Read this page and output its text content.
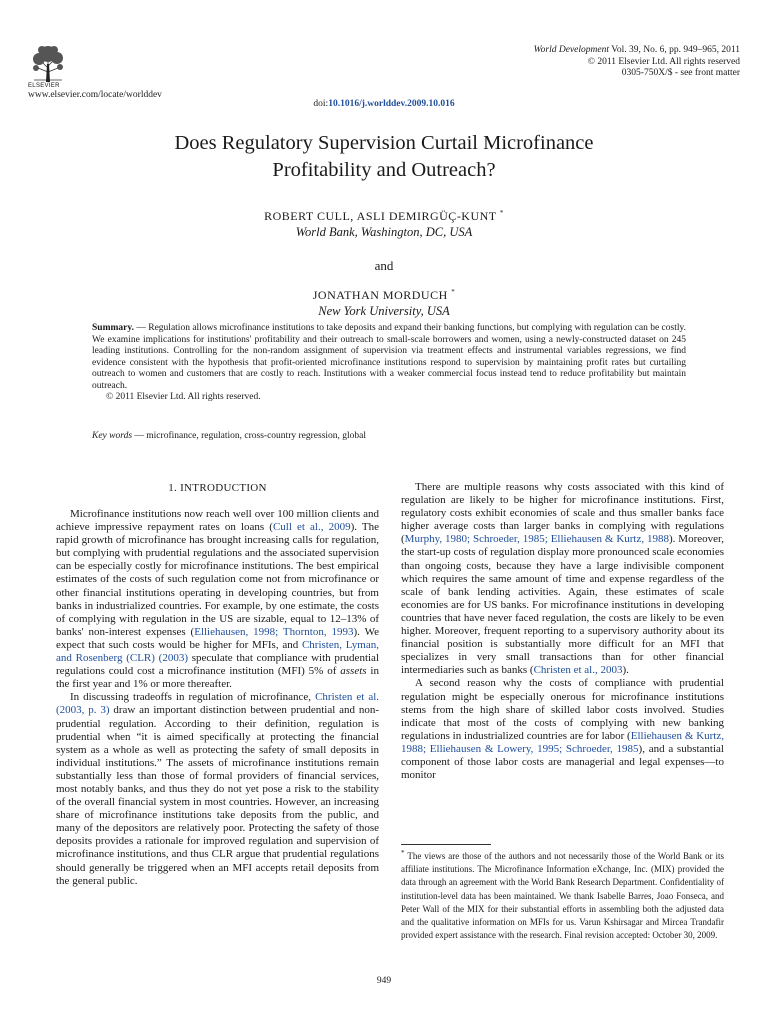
ELSEVIER
www.elsevier.com/locate/worlddev
World Development Vol. 39, No. 6, pp. 949–965, 2011
© 2011 Elsevier Ltd. All rights reserved
0305-750X/$ - see front matter
doi:10.1016/j.worlddev.2009.10.016
Does Regulatory Supervision Curtail Microfinance
Profitability and Outreach?
ROBERT CULL, ASLI DEMIRGÜÇ-KUNT *
World Bank, Washington, DC, USA
and
JONATHAN MORDUCH *
New York University, USA
Summary. — Regulation allows microfinance institutions to take deposits and expand their banking functions, but complying with regulation can be costly. We examine implications for institutions' profitability and their outreach to small-scale borrowers and women, using a newly-constructed dataset on 245 leading institutions. Controlling for the non-random assignment of supervision via treatment effects and instrumental variables regressions, we find evidence consistent with the hypothesis that profit-oriented microfinance institutions respond to supervision by maintaining profit rates but curtailing outreach to women and customers that are costly to reach. Institutions with a weaker commercial focus instead tend to reduce profitability but maintain outreach.
© 2011 Elsevier Ltd. All rights reserved.
Key words — microfinance, regulation, cross-country regression, global
1. INTRODUCTION

Microfinance institutions now reach well over 100 million clients and achieve impressive repayment rates on loans (Cull et al., 2009). The rapid growth of microfinance has brought increasing calls for regulation, but complying with prudential regulations and the associated supervision can be especially costly for microfinance institutions. The best empirical estimates of the costs of such regulation come not from microfinance or other financial institutions operating in developing countries, but from banks in industrialized countries. For example, by one estimate, the costs of complying with regulation in the US are sizable, equal to 12–13% of banks' non-interest expenses (Elliehausen, 1998; Thornton, 1993). We expect that such costs would be higher for MFIs, and Christen, Lyman, and Rosenberg (CLR) (2003) speculate that compliance with prudential regulations could cost a microfinance institution (MFI) 5% of assets in the first year and 1% or more thereafter.

In discussing tradeoffs in regulation of microfinance, Christen et al. (2003, p. 3) draw an important distinction between prudential and non-prudential regulation. According to their definition, regulation is prudential when “it is aimed specifically at protecting the financial system as a whole as well as protecting the safety of small deposits in individual institutions.” The assets of microfinance institutions remain substantially less than those of formal providers of financial services, most notably banks, and thus they do not yet pose a risk to the stability of the overall financial system in most countries. However, an increasing share of microfinance institutions take deposits from the public, and many of the depositors are relatively poor. Protecting the safety of those deposits provides a rationale for improved regulation and supervision of microfinance institutions, and thus CLR argue that prudential regulations should generally be triggered when an MFI accepts retail deposits from the general public.

There are multiple reasons why costs associated with this kind of regulation are likely to be higher for microfinance institutions. First, regulatory costs exhibit economies of scale and thus smaller banks face higher average costs than larger banks in complying with regulations (Murphy, 1980; Schroeder, 1985; Elliehausen & Kurtz, 1988). Moreover, the start-up costs of regulation display more pronounced scale economies than ongoing costs, because they have a large indivisible component which requires the same amount of time and expense regardless of the scale of bank lending activities. Again, these estimates of scale economies are for US banks. For microfinance institutions in developing countries that have never faced regulation, the costs are likely to be even higher. Moreover, frequent reporting to a supervisory authority about its financial position is substantially more difficult for an MFI that specializes in very small transactions than for other financial intermediaries such as banks (Christen et al., 2003).

A second reason why the costs of compliance with prudential regulation might be especially onerous for microfinance institutions stems from the high share of skilled labor costs involved. Studies indicate that most of the costs of complying with new banking regulations in industrialized countries are for labor (Elliehausen & Kurtz, 1988; Elliehausen & Lowery, 1995; Schroeder, 1985), and a substantial component of those labor costs are managerial and legal expenses—to monitor

* The views are those of the authors and not necessarily those of the World Bank or its affiliate institutions. The Microfinance Information eXchange, Inc. (MIX) provided the data through an agreement with the World Bank Research Department. Confidentiality of institution-level data has been maintained. We thank Isabelle Barres, Joao Fonseca, and Peter Wall of the MIX for their substantial efforts in assembling both the adjusted data and the qualitative information on MFIs for us. Varun Kshirsagar and Mircea Trandafir provided expert assistance with the research. Final revision accepted: October 30, 2009.
949
